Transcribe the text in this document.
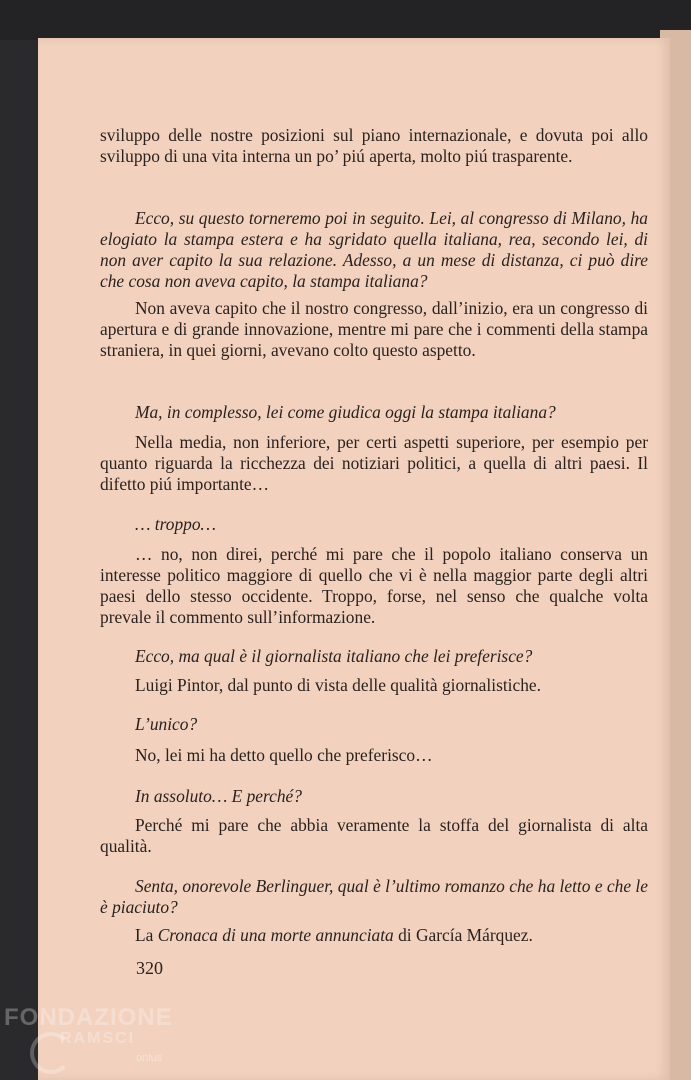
sviluppo delle nostre posizioni sul piano internazionale, e dovuta poi allo sviluppo di una vita interna un po’ piú aperta, molto piú trasparente.

Ecco, su questo torneremo poi in seguito. Lei, al congresso di Milano, ha elogiato la stampa estera e ha sgridato quella italiana, rea, secondo lei, di non aver capito la sua relazione. Adesso, a un mese di distanza, ci può dire che cosa non aveva capito, la stampa italiana?

Non aveva capito che il nostro congresso, dall’inizio, era un congresso di apertura e di grande innovazione, mentre mi pare che i commenti della stampa straniera, in quei giorni, avevano colto questo aspetto.

Ma, in complesso, lei come giudica oggi la stampa italiana?

Nella media, non inferiore, per certi aspetti superiore, per esempio per quanto riguarda la ricchezza dei notiziari politici, a quella di altri paesi. Il difetto piú importante…

… troppo…

… no, non direi, perché mi pare che il popolo italiano conserva un interesse politico maggiore di quello che vi è nella maggior parte degli altri paesi dello stesso occidente. Troppo, forse, nel senso che qualche volta prevale il commento sull’informazione.

Ecco, ma qual è il giornalista italiano che lei preferisce?

Luigi Pintor, dal punto di vista delle qualità giornalistiche.

L’unico?

No, lei mi ha detto quello che preferisco…

In assoluto… E perché?

Perché mi pare che abbia veramente la stoffa del giornalista di alta qualità.

Senta, onorevole Berlinguer, qual è l’ultimo romanzo che ha letto e che le è piaciuto?

La Cronaca di una morte annunciata di García Márquez.

320
FONDAZIONE
RAMSCI
onlus
